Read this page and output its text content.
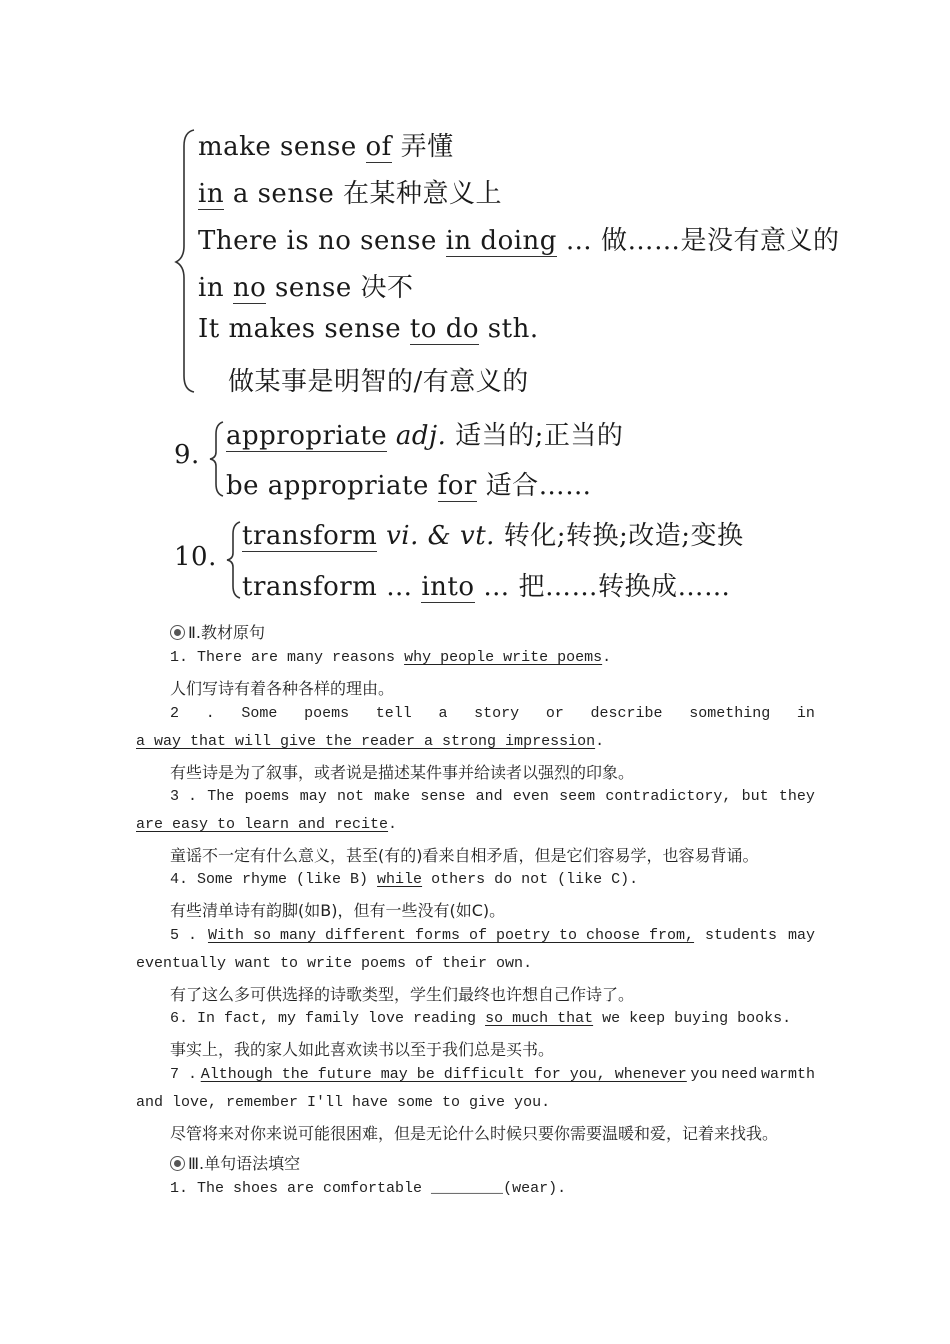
make sense of 弄懂
in a sense 在某种意义上
There is no sense in doing … 做……是没有意义的
in no sense 决不
It makes sense to do sth.
做某事是明智的/有意义的
9.
appropriate adj. 适当的;正当的
be appropriate for 适合……
10.
transform vi. & vt. 转化;转换;改造;变换
transform … into … 把……转换成……
Ⅱ.教材原句
1. There are many reasons why people write poems.
人们写诗有着各种各样的理由。
2 . Some poems tell a story or describe something in
a way that will give the reader a strong impression.
有些诗是为了叙事，或者说是描述某件事并给读者以强烈的印象。
3 . The poems may not make sense and even seem contradictory, but they
are easy to learn and recite.
童谣不一定有什么意义，甚至(有的)看来自相矛盾，但是它们容易学，也容易背诵。
4. Some rhyme (like B) while others do not (like C).
有些清单诗有韵脚(如B)，但有一些没有(如C)。
5 . With so many different forms of poetry to choose from, students may
eventually want to write poems of their own.
有了这么多可供选择的诗歌类型，学生们最终也许想自己作诗了。
6. In fact, my family love reading so much that we keep buying books.
事实上，我的家人如此喜欢读书以至于我们总是买书。
7 . Although the future may be difficult for you, whenever you need warmth
and love, remember I'll have some to give you.
尽管将来对你来说可能很困难，但是无论什么时候只要你需要温暖和爱，记着来找我。
Ⅲ.单句语法填空
1. The shoes are comfortable ________(wear).
